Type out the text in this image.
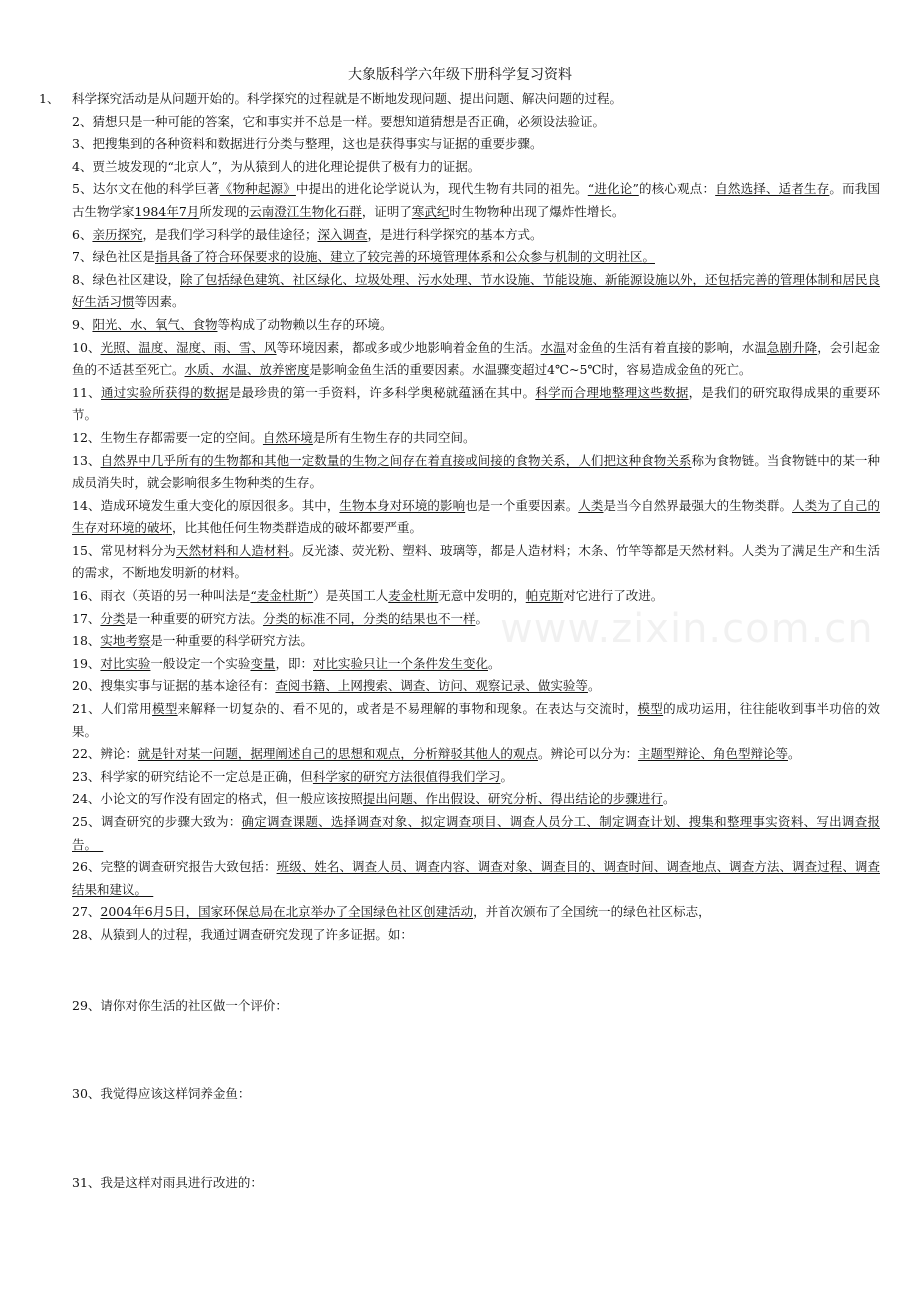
大象版科学六年级下册科学复习资料
www.zixin.com.cn
1、 科学探究活动是从问题开始的。科学探究的过程就是不断地发现问题、提出问题、解决问题的过程。
2、猜想只是一种可能的答案，它和事实并不总是一样。要想知道猜想是否正确，必须设法验证。
3、把搜集到的各种资料和数据进行分类与整理，这也是获得事实与证据的重要步骤。
4、贾兰坡发现的“北京人”，为从猿到人的进化理论提供了极有力的证据。
5、达尔文在他的科学巨著《物种起源》中提出的进化论学说认为，现代生物有共同的祖先。“进化论”的核心观点：自然选择、适者生存。而我国古生物学家1984年7月所发现的云南澄江生物化石群，证明了寒武纪时生物物种出现了爆炸性增长。
6、亲历探究，是我们学习科学的最佳途径；深入调查，是进行科学探究的基本方式。
7、绿色社区是指具备了符合环保要求的设施、建立了较完善的环境管理体系和公众参与机制的文明社区。
8、绿色社区建设，除了包括绿色建筑、社区绿化、垃圾处理、污水处理、节水设施、节能设施、新能源设施以外，还包括完善的管理体制和居民良好生活习惯等因素。
9、阳光、水、氧气、食物等构成了动物赖以生存的环境。
10、光照、温度、湿度、雨、雪、风等环境因素，都或多或少地影响着金鱼的生活。水温对金鱼的生活有着直接的影响，水温急剧升降，会引起金鱼的不适甚至死亡。水质、水温、放养密度是影响金鱼生活的重要因素。水温骤变超过4℃~5℃时，容易造成金鱼的死亡。
11、通过实验所获得的数据是最珍贵的第一手资料，许多科学奥秘就蕴涵在其中。科学而合理地整理这些数据，是我们的研究取得成果的重要环节。
12、生物生存都需要一定的空间。自然环境是所有生物生存的共同空间。
13、自然界中几乎所有的生物都和其他一定数量的生物之间存在着直接或间接的食物关系，人们把这种食物关系称为食物链。当食物链中的某一种成员消失时，就会影响很多生物种类的生存。
14、造成环境发生重大变化的原因很多。其中，生物本身对环境的影响也是一个重要因素。人类是当今自然界最强大的生物类群。人类为了自己的生存对环境的破坏，比其他任何生物类群造成的破坏都要严重。
15、常见材料分为天然材料和人造材料。反光漆、荧光粉、塑料、玻璃等，都是人造材料；木条、竹竿等都是天然材料。人类为了满足生产和生活的需求，不断地发明新的材料。
16、雨衣（英语的另一种叫法是“麦金杜斯”）是英国工人麦金杜斯无意中发明的，帕克斯对它进行了改进。
17、分类是一种重要的研究方法。分类的标准不同，分类的结果也不一样。
18、实地考察是一种重要的科学研究方法。
19、对比实验一般设定一个实验变量，即：对比实验只让一个条件发生变化。
20、搜集实事与证据的基本途径有：查阅书籍、上网搜索、调查、访问、观察记录、做实验等。
21、人们常用模型来解释一切复杂的、看不见的，或者是不易理解的事物和现象。在表达与交流时，模型的成功运用，往往能收到事半功倍的效果。
22、辨论：就是针对某一问题，据理阐述自己的思想和观点，分析辩驳其他人的观点。辨论可以分为：主题型辩论、角色型辩论等。
23、科学家的研究结论不一定总是正确，但科学家的研究方法很值得我们学习。
24、小论文的写作没有固定的格式，但一般应该按照提出问题、作出假设、研究分析、得出结论的步骤进行。
25、调查研究的步骤大致为：确定调查课题、选择调查对象、拟定调查项目、调查人员分工、制定调查计划、搜集和整理事实资料、写出调查报告。　
26、完整的调查研究报告大致包括：班级、姓名、调查人员、调查内容、调查对象、调查目的、调查时间、调查地点、调查方法、调查过程、调查结果和建议。　
27、2004年6月5日，国家环保总局在北京举办了全国绿色社区创建活动，并首次颁布了全国统一的绿色社区标志，
28、从猿到人的过程，我通过调查研究发现了许多证据。如：
29、请你对你生活的社区做一个评价：
30、我觉得应该这样饲养金鱼：
31、我是这样对雨具进行改进的：
